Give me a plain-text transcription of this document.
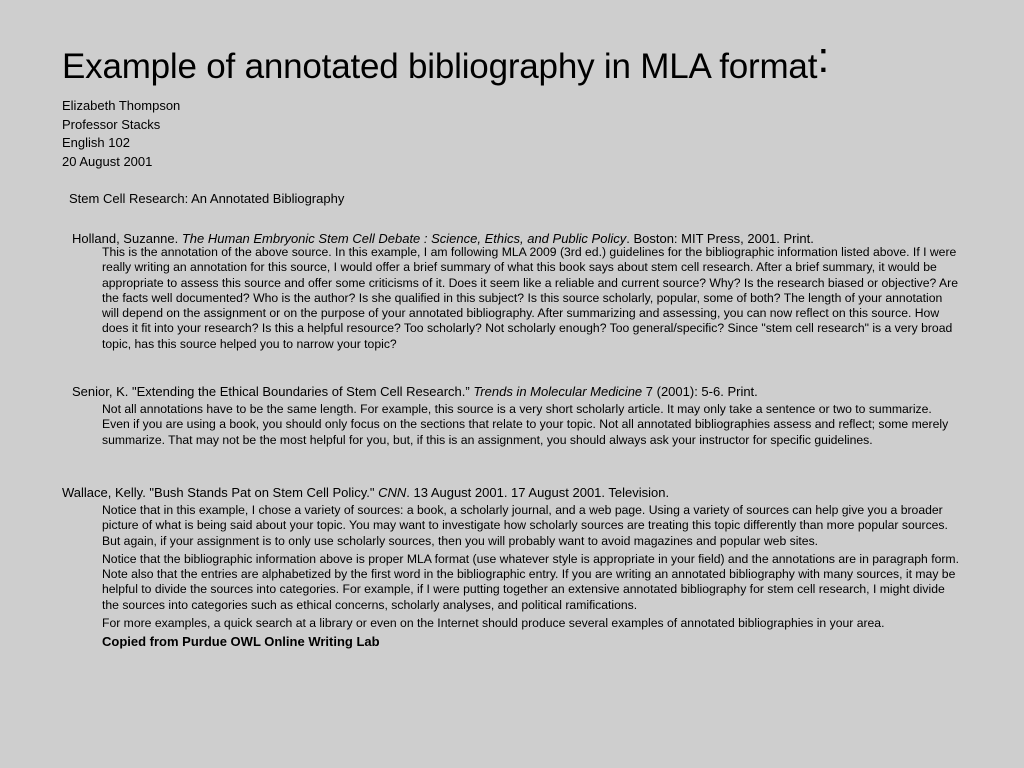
Example of annotated bibliography in MLA format:
Elizabeth Thompson
Professor Stacks
English 102
20 August 2001
Stem Cell Research: An Annotated Bibliography
Holland, Suzanne. The Human Embryonic Stem Cell Debate : Science, Ethics, and Public Policy. Boston: MIT Press, 2001. Print.

This is the annotation of the above source. In this example, I am following MLA 2009 (3rd ed.) guidelines for the bibliographic information listed above. If I were really writing an annotation for this source, I would offer a brief summary of what this book says about stem cell research. After a brief summary, it would be appropriate to assess this source and offer some criticisms of it. Does it seem like a reliable and current source? Why? Is the research biased or objective? Are the facts well documented? Who is the author? Is she qualified in this subject? Is this source scholarly, popular, some of both? The length of your annotation will depend on the assignment or on the purpose of your annotated bibliography. After summarizing and assessing, you can now reflect on this source. How does it fit into your research? Is this a helpful resource? Too scholarly? Not scholarly enough? Too general/specific? Since "stem cell research" is a very broad topic, has this source helped you to narrow your topic?

Senior, K. "Extending the Ethical Boundaries of Stem Cell Research.” Trends in Molecular Medicine 7 (2001): 5-6. Print.

Not all annotations have to be the same length. For example, this source is a very short scholarly article. It may only take a sentence or two to summarize. Even if you are using a book, you should only focus on the sections that relate to your topic. Not all annotated bibliographies assess and reflect; some merely summarize. That may not be the most helpful for you, but, if this is an assignment, you should always ask your instructor for specific guidelines.

Wallace, Kelly. "Bush Stands Pat on Stem Cell Policy." CNN. 13 August 2001. 17 August 2001. Television.

Notice that in this example, I chose a variety of sources: a book, a scholarly journal, and a web page. Using a variety of sources can help give you a broader picture of what is being said about your topic. You may want to investigate how scholarly sources are treating this topic differently than more popular sources. But again, if your assignment is to only use scholarly sources, then you will probably want to avoid magazines and popular web sites.

Notice that the bibliographic information above is proper MLA format (use whatever style is appropriate in your field) and the annotations are in paragraph form. Note also that the entries are alphabetized by the first word in the bibliographic entry. If you are writing an annotated bibliography with many sources, it may be helpful to divide the sources into categories. For example, if I were putting together an extensive annotated bibliography for stem cell research, I might divide the sources into categories such as ethical concerns, scholarly analyses, and political ramifications.

For more examples, a quick search at a library or even on the Internet should produce several examples of annotated bibliographies in your area.

Copied from Purdue OWL Online Writing Lab
